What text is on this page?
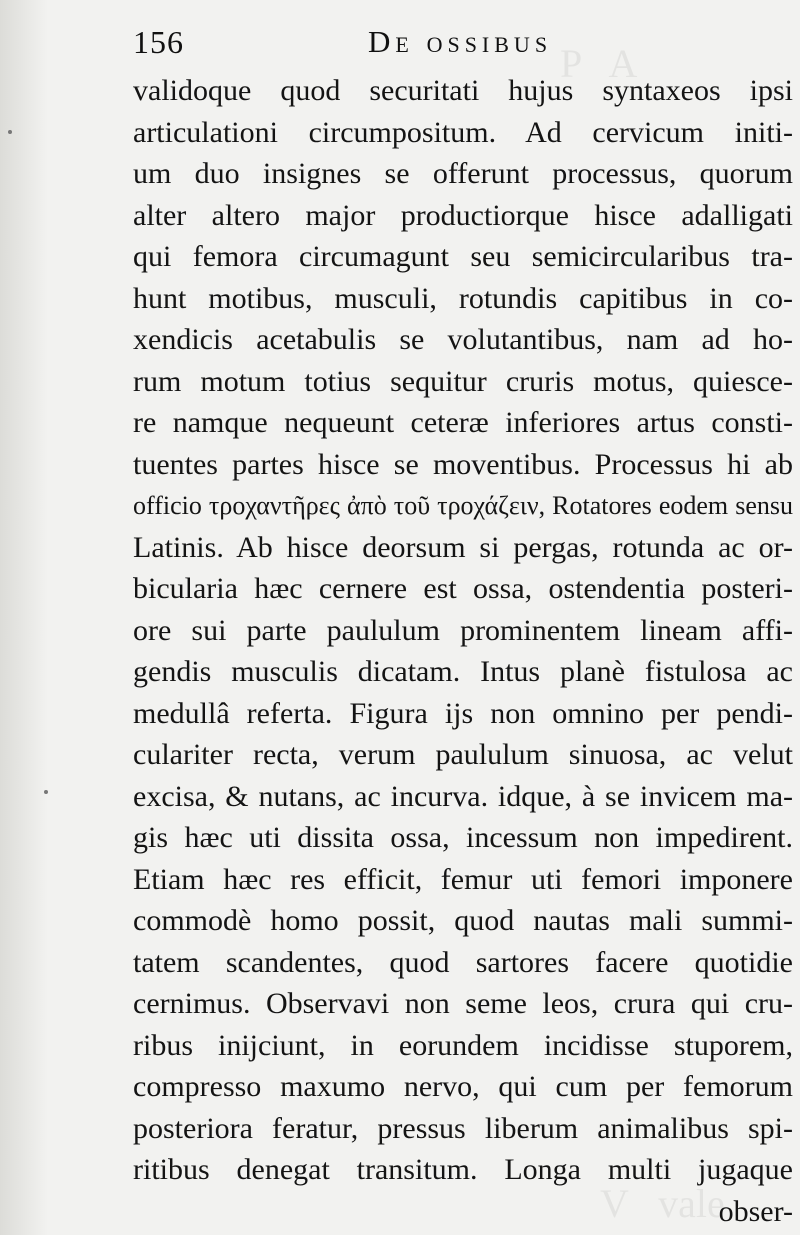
P   A
V   vale
156	De ossibus
validoque quod securitati hujus syntaxeos ipsi
articulationi circumpositum. Ad cervicum initi-
um duo insignes se offerunt processus, quorum
alter altero major productiorque hisce adalligati
qui femora circumagunt seu semicircularibus tra-
hunt motibus, musculi, rotundis capitibus in co-
xendicis acetabulis se volutantibus, nam ad ho-
rum motum totius sequitur cruris motus, quiesce-
re namque nequeunt ceteræ inferiores artus consti-
tuentes partes hisce se moventibus. Processus hi ab
officio τροχαντῆρες ἀπὸ τοῦ τροχάζειν, Rotatores eodem sensu
Latinis. Ab hisce deorsum si pergas, rotunda ac or-
bicularia hæc cernere est ossa, ostendentia posteri-
ore sui parte paululum prominentem lineam affi-
gendis musculis dicatam. Intus planè fistulosa ac
medullâ referta. Figura ijs non omnino per pendi-
culariter recta, verum paululum sinuosa, ac velut
excisa, & nutans, ac incurva. idque, à se invicem ma-
gis hæc uti dissita ossa, incessum non impedirent.
Etiam hæc res efficit, femur uti femori imponere
commodè homo possit, quod nautas mali summi-
tatem scandentes, quod sartores facere quotidie
cernimus. Observavi non seme leos, crura qui cru-
ribus inijciunt, in eorundem incidisse stuporem,
compresso maxumo nervo, qui cum per femorum
posteriora feratur, pressus liberum animalibus spi-
ritibus denegat transitum. Longa multi jugaque
obser-
